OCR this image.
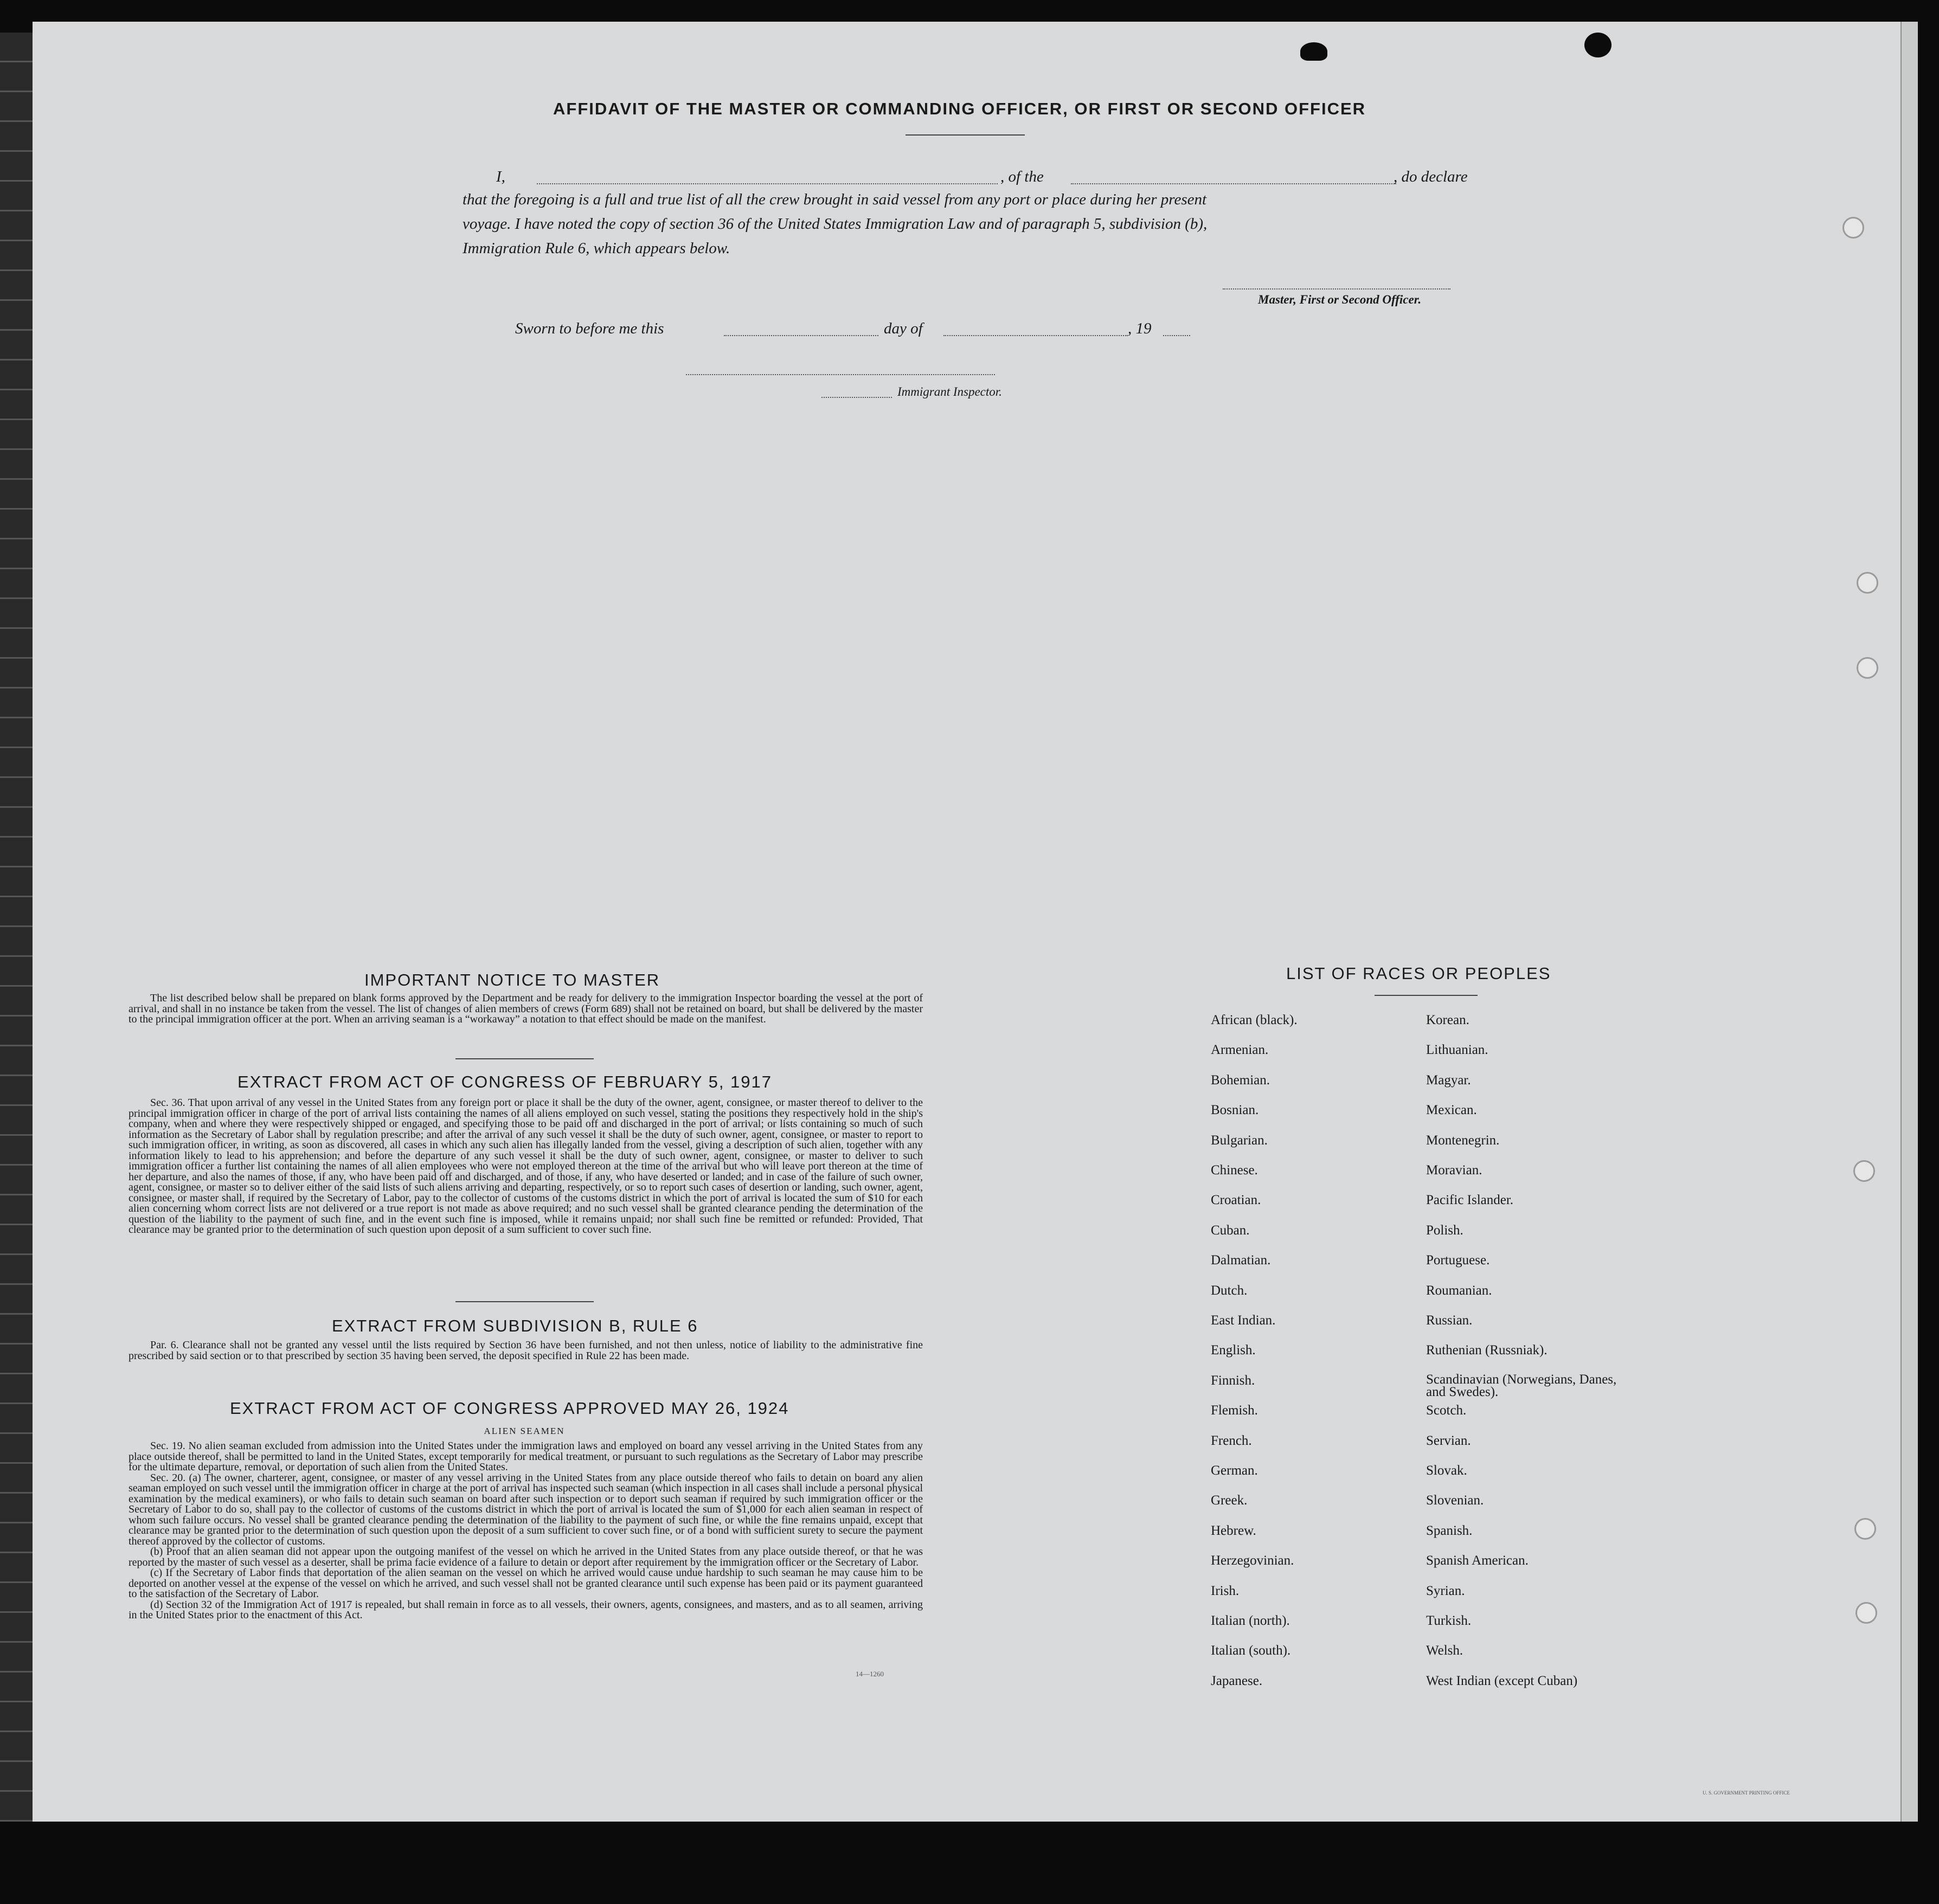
AFFIDAVIT OF THE MASTER OR COMMANDING OFFICER, OR FIRST OR SECOND OFFICER
I,	, of the	, do declare
that the foregoing is a full and true list of all the crew brought in said vessel from any port or place during her present
voyage. I have noted the copy of section 36 of the United States Immigration Law and of paragraph 5, subdivision (b),
Immigration Rule 6, which appears below.
Master, First or Second Officer.
Sworn to before me this	day of	, 19
Immigrant Inspector.
IMPORTANT NOTICE TO MASTER

The list described below shall be prepared on blank forms approved by the Department and be ready for delivery to the immigration Inspector boarding the vessel at the port of arrival, and shall in no instance be taken from the vessel. The list of changes of alien members of crews (Form 689) shall not be retained on board, but shall be delivered by the master to the principal immigration officer at the port. When an arriving seaman is a “workaway” a notation to that effect should be made on the manifest.

EXTRACT FROM ACT OF CONGRESS OF FEBRUARY 5, 1917

Sec. 36. That upon arrival of any vessel in the United States from any foreign port or place it shall be the duty of the owner, agent, consignee, or master thereof to deliver to the principal immigration officer in charge of the port of arrival lists containing the names of all aliens employed on such vessel, stating the positions they respectively hold in the ship's company, when and where they were respectively shipped or engaged, and specifying those to be paid off and discharged in the port of arrival; or lists containing so much of such information as the Secretary of Labor shall by regulation prescribe; and after the arrival of any such vessel it shall be the duty of such owner, agent, consignee, or master to report to such immigration officer, in writing, as soon as discovered, all cases in which any such alien has illegally landed from the vessel, giving a description of such alien, together with any information likely to lead to his apprehension; and before the departure of any such vessel it shall be the duty of such owner, agent, consignee, or master to deliver to such immigration officer a further list containing the names of all alien employees who were not employed thereon at the time of the arrival but who will leave port thereon at the time of her departure, and also the names of those, if any, who have been paid off and discharged, and of those, if any, who have deserted or landed; and in case of the failure of such owner, agent, consignee, or master so to deliver either of the said lists of such aliens arriving and departing, respectively, or so to report such cases of desertion or landing, such owner, agent, consignee, or master shall, if required by the Secretary of Labor, pay to the collector of customs of the customs district in which the port of arrival is located the sum of $10 for each alien concerning whom correct lists are not delivered or a true report is not made as above required; and no such vessel shall be granted clearance pending the determination of the question of the liability to the payment of such fine, and in the event such fine is imposed, while it remains unpaid; nor shall such fine be remitted or refunded: Provided, That clearance may be granted prior to the determination of such question upon deposit of a sum sufficient to cover such fine.

EXTRACT FROM SUBDIVISION B, RULE 6

Par. 6. Clearance shall not be granted any vessel until the lists required by Section 36 have been furnished, and not then unless, notice of liability to the administrative fine prescribed by said section or to that prescribed by section 35 having been served, the deposit specified in Rule 22 has been made.

EXTRACT FROM ACT OF CONGRESS APPROVED MAY 26, 1924
ALIEN SEAMEN

Sec. 19. No alien seaman excluded from admission into the United States under the immigration laws and employed on board any vessel arriving in the United States from any place outside thereof, shall be permitted to land in the United States, except temporarily for medical treatment, or pursuant to such regulations as the Secretary of Labor may prescribe for the ultimate departure, removal, or deportation of such alien from the United States.

Sec. 20. (a) The owner, charterer, agent, consignee, or master of any vessel arriving in the United States from any place outside thereof who fails to detain on board any alien seaman employed on such vessel until the immigration officer in charge at the port of arrival has inspected such seaman (which inspection in all cases shall include a personal physical examination by the medical examiners), or who fails to detain such seaman on board after such inspection or to deport such seaman if required by such immigration officer or the Secretary of Labor to do so, shall pay to the collector of customs of the customs district in which the port of arrival is located the sum of $1,000 for each alien seaman in respect of whom such failure occurs. No vessel shall be granted clearance pending the determination of the liability to the payment of such fine, or while the fine remains unpaid, except that clearance may be granted prior to the determination of such question upon the deposit of a sum sufficient to cover such fine, or of a bond with sufficient surety to secure the payment thereof approved by the collector of customs.

(b) Proof that an alien seaman did not appear upon the outgoing manifest of the vessel on which he arrived in the United States from any place outside thereof, or that he was reported by the master of such vessel as a deserter, shall be prima facie evidence of a failure to detain or deport after requirement by the immigration officer or the Secretary of Labor.

(c) If the Secretary of Labor finds that deportation of the alien seaman on the vessel on which he arrived would cause undue hardship to such seaman he may cause him to be deported on another vessel at the expense of the vessel on which he arrived, and such vessel shall not be granted clearance until such expense has been paid or its payment guaranteed to the satisfaction of the Secretary of Labor.

(d) Section 32 of the Immigration Act of 1917 is repealed, but shall remain in force as to all vessels, their owners, agents, consignees, and masters, and as to all seamen, arriving in the United States prior to the enactment of this Act.

14—1260
LIST OF RACES OR PEOPLES
African (black).
Armenian.
Bohemian.
Bosnian.
Bulgarian.
Chinese.
Croatian.
Cuban.
Dalmatian.
Dutch.
East Indian.
English.
Finnish.
Flemish.
French.
German.
Greek.
Hebrew.
Herzegovinian.
Irish.
Italian (north).
Italian (south).
Japanese.
Korean.
Lithuanian.
Magyar.
Mexican.
Montenegrin.
Moravian.
Pacific Islander.
Polish.
Portuguese.
Roumanian.
Russian.
Ruthenian (Russniak).
Scandinavian (Norwegians, Danes, and Swedes).
Scotch.
Servian.
Slovak.
Slovenian.
Spanish.
Spanish American.
Syrian.
Turkish.
Welsh.
West Indian (except Cuban)
U. S. GOVERNMENT PRINTING OFFICE
